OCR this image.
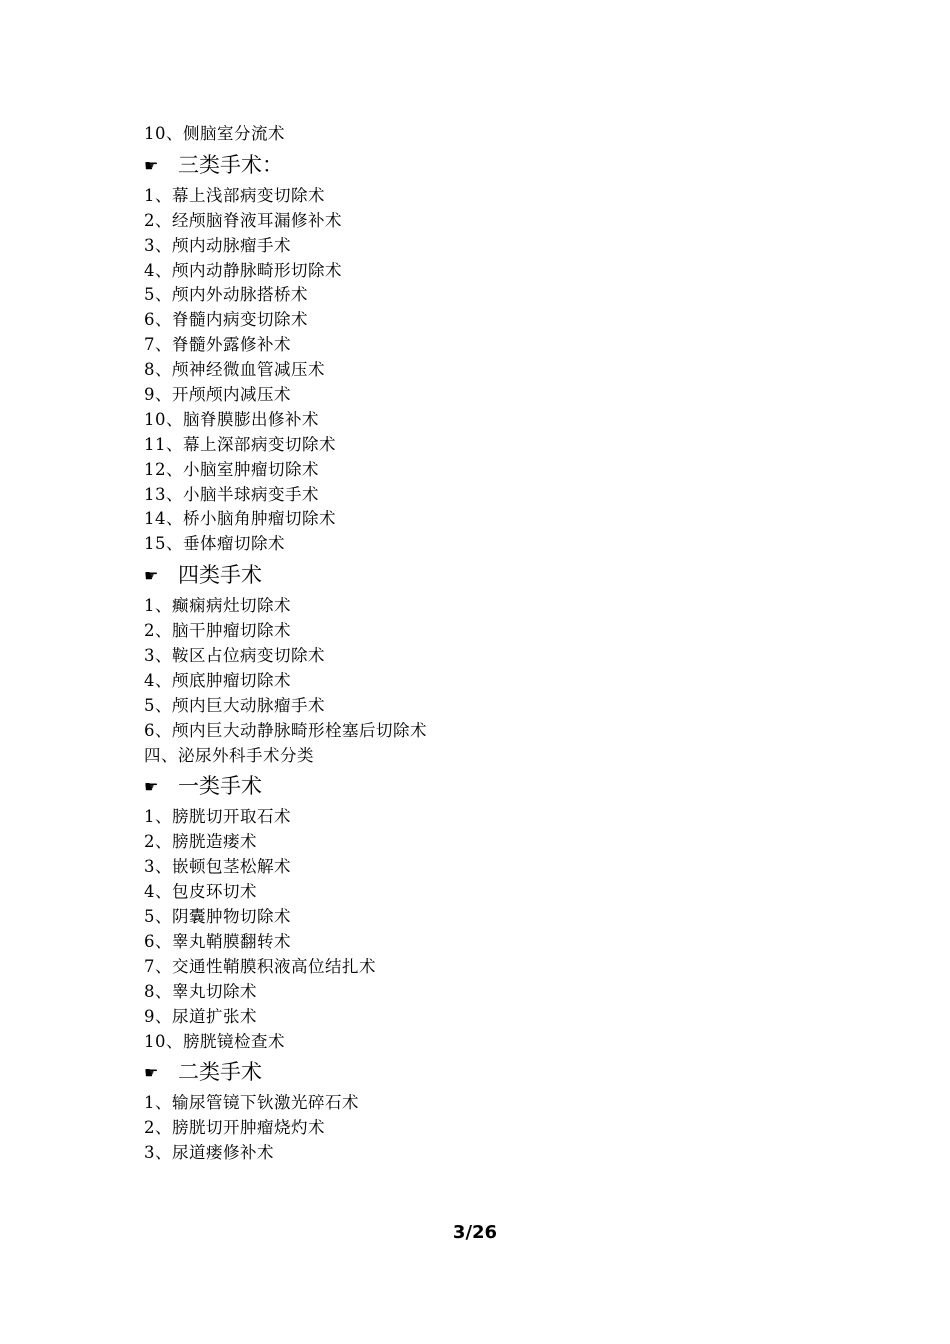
10、侧脑室分流术
☛ 三类手术：
1、幕上浅部病变切除术
2、经颅脑脊液耳漏修补术
3、颅内动脉瘤手术
4、颅内动静脉畸形切除术
5、颅内外动脉搭桥术
6、脊髓内病变切除术
7、脊髓外露修补术
8、颅神经微血管减压术
9、开颅颅内减压术
10、脑脊膜膨出修补术
11、幕上深部病变切除术
12、小脑室肿瘤切除术
13、小脑半球病变手术
14、桥小脑角肿瘤切除术
15、垂体瘤切除术
☛ 四类手术
1、癫痫病灶切除术
2、脑干肿瘤切除术
3、鞍区占位病变切除术
4、颅底肿瘤切除术
5、颅内巨大动脉瘤手术
6、颅内巨大动静脉畸形栓塞后切除术
四、泌尿外科手术分类
☛ 一类手术
1、膀胱切开取石术
2、膀胱造瘘术
3、嵌顿包茎松解术
4、包皮环切术
5、阴囊肿物切除术
6、睾丸鞘膜翻转术
7、交通性鞘膜积液高位结扎术
8、睾丸切除术
9、尿道扩张术
10、膀胱镜检查术
☛ 二类手术
1、输尿管镜下钬激光碎石术
2、膀胱切开肿瘤烧灼术
3、尿道瘘修补术
3/26
